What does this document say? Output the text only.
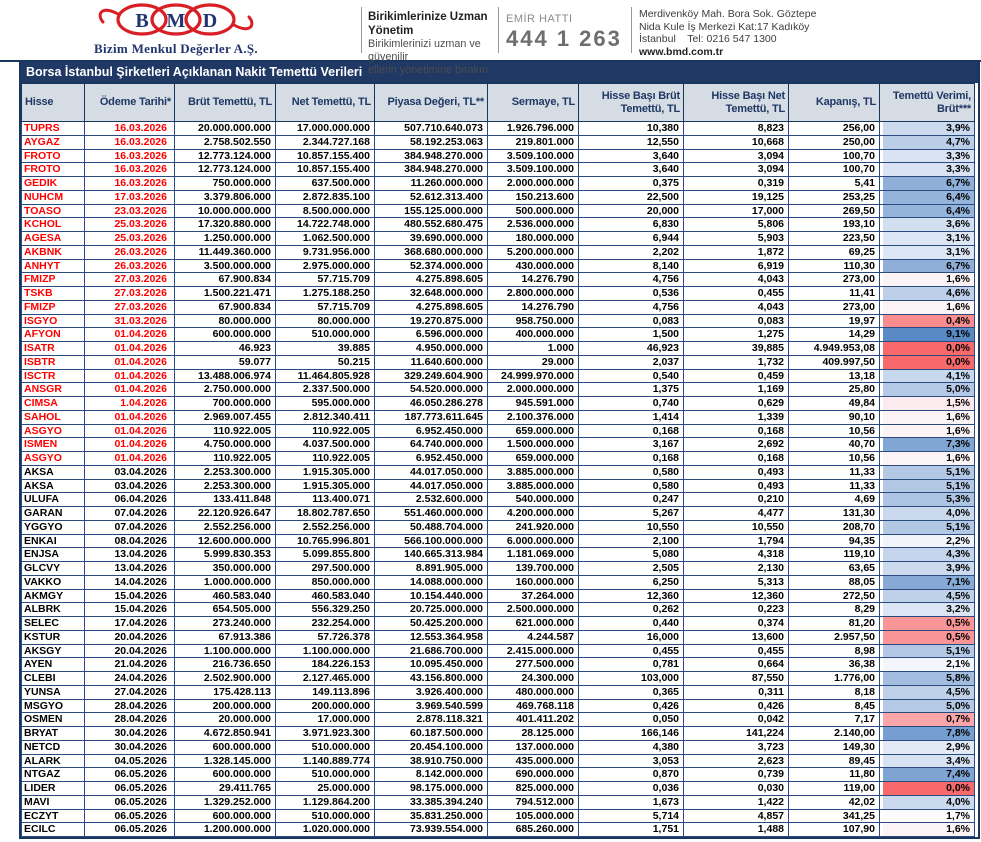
B M D
Bizim Menkul Değerler A.Ş.
Birikimlerinize Uzman Yönetim
Birikimlerinizi uzman ve güvenilir
ellerin yönetimine bırakın
EMİR HATTI
444 1 263
Merdivenköy Mah. Bora Sok. Göztepe
Nida Kule İş Merkezi Kat:17 Kadıköy
İstanbul    Tel: 0216 547 1300
www.bmd.com.tr
Borsa İstanbul Şirketleri Açıklanan Nakit Temettü Verileri
Hisse	Ödeme Tarihi*	Brüt Temettü, TL	Net Temettü, TL	Piyasa Değeri, TL**	Sermaye, TL	Hisse Başı Brüt Temettü, TL	Hisse Başı Net Temettü, TL	Kapanış, TL	Temettü Verimi, Brüt***
TUPRS	16.03.2026	20.000.000.000	17.000.000.000	507.710.640.073	1.926.796.000	10,380	8,823	256,00	3,9%
AYGAZ	16.03.2026	2.758.502.550	2.344.727.168	58.192.253.063	219.801.000	12,550	10,668	250,00	4,7%
FROTO	16.03.2026	12.773.124.000	10.857.155.400	384.948.270.000	3.509.100.000	3,640	3,094	100,70	3,3%
FROTO	16.03.2026	12.773.124.000	10.857.155.400	384.948.270.000	3.509.100.000	3,640	3,094	100,70	3,3%
GEDIK	16.03.2026	750.000.000	637.500.000	11.260.000.000	2.000.000.000	0,375	0,319	5,41	6,7%
NUHCM	17.03.2026	3.379.806.000	2.872.835.100	52.612.313.400	150.213.600	22,500	19,125	253,25	6,4%
TOASO	23.03.2026	10.000.000.000	8.500.000.000	155.125.000.000	500.000.000	20,000	17,000	269,50	6,4%
KCHOL	25.03.2026	17.320.880.000	14.722.748.000	480.552.680.475	2.536.000.000	6,830	5,806	193,10	3,6%
AGESA	25.03.2026	1.250.000.000	1.062.500.000	39.690.000.000	180.000.000	6,944	5,903	223,50	3,1%
AKBNK	26.03.2026	11.449.360.000	9.731.956.000	368.680.000.000	5.200.000.000	2,202	1,872	69,25	3,1%
ANHYT	26.03.2026	3.500.000.000	2.975.000.000	52.374.000.000	430.000.000	8,140	6,919	110,30	6,7%
FMIZP	27.03.2026	67.900.834	57.715.709	4.275.898.605	14.276.790	4,756	4,043	273,00	1,6%
TSKB	27.03.2026	1.500.221.471	1.275.188.250	32.648.000.000	2.800.000.000	0,536	0,455	11,41	4,6%
FMIZP	27.03.2026	67.900.834	57.715.709	4.275.898.605	14.276.790	4,756	4,043	273,00	1,6%
ISGYO	31.03.2026	80.000.000	80.000.000	19.270.875.000	958.750.000	0,083	0,083	19,97	0,4%
AFYON	01.04.2026	600.000.000	510.000.000	6.596.000.000	400.000.000	1,500	1,275	14,29	9,1%
ISATR	01.04.2026	46.923	39.885	4.950.000.000	1.000	46,923	39,885	4.949.953,08	0,0%
ISBTR	01.04.2026	59.077	50.215	11.640.600.000	29.000	2,037	1,732	409.997,50	0,0%
ISCTR	01.04.2026	13.488.006.974	11.464.805.928	329.249.604.900	24.999.970.000	0,540	0,459	13,18	4,1%
ANSGR	01.04.2026	2.750.000.000	2.337.500.000	54.520.000.000	2.000.000.000	1,375	1,169	25,80	5,0%
CIMSA	1.04.2026	700.000.000	595.000.000	46.050.286.278	945.591.000	0,740	0,629	49,84	1,5%
SAHOL	01.04.2026	2.969.007.455	2.812.340.411	187.773.611.645	2.100.376.000	1,414	1,339	90,10	1,6%
ASGYO	01.04.2026	110.922.005	110.922.005	6.952.450.000	659.000.000	0,168	0,168	10,56	1,6%
ISMEN	01.04.2026	4.750.000.000	4.037.500.000	64.740.000.000	1.500.000.000	3,167	2,692	40,70	7,3%
ASGYO	01.04.2026	110.922.005	110.922.005	6.952.450.000	659.000.000	0,168	0,168	10,56	1,6%
AKSA	03.04.2026	2.253.300.000	1.915.305.000	44.017.050.000	3.885.000.000	0,580	0,493	11,33	5,1%
AKSA	03.04.2026	2.253.300.000	1.915.305.000	44.017.050.000	3.885.000.000	0,580	0,493	11,33	5,1%
ULUFA	06.04.2026	133.411.848	113.400.071	2.532.600.000	540.000.000	0,247	0,210	4,69	5,3%
GARAN	07.04.2026	22.120.926.647	18.802.787.650	551.460.000.000	4.200.000.000	5,267	4,477	131,30	4,0%
YGGYO	07.04.2026	2.552.256.000	2.552.256.000	50.488.704.000	241.920.000	10,550	10,550	208,70	5,1%
ENKAI	08.04.2026	12.600.000.000	10.765.996.801	566.100.000.000	6.000.000.000	2,100	1,794	94,35	2,2%
ENJSA	13.04.2026	5.999.830.353	5.099.855.800	140.665.313.984	1.181.069.000	5,080	4,318	119,10	4,3%
GLCVY	13.04.2026	350.000.000	297.500.000	8.891.905.000	139.700.000	2,505	2,130	63,65	3,9%
VAKKO	14.04.2026	1.000.000.000	850.000.000	14.088.000.000	160.000.000	6,250	5,313	88,05	7,1%
AKMGY	15.04.2026	460.583.040	460.583.040	10.154.440.000	37.264.000	12,360	12,360	272,50	4,5%
ALBRK	15.04.2026	654.505.000	556.329.250	20.725.000.000	2.500.000.000	0,262	0,223	8,29	3,2%
SELEC	17.04.2026	273.240.000	232.254.000	50.425.200.000	621.000.000	0,440	0,374	81,20	0,5%
KSTUR	20.04.2026	67.913.386	57.726.378	12.553.364.958	4.244.587	16,000	13,600	2.957,50	0,5%
AKSGY	20.04.2026	1.100.000.000	1.100.000.000	21.686.700.000	2.415.000.000	0,455	0,455	8,98	5,1%
AYEN	21.04.2026	216.736.650	184.226.153	10.095.450.000	277.500.000	0,781	0,664	36,38	2,1%
CLEBI	24.04.2026	2.502.900.000	2.127.465.000	43.156.800.000	24.300.000	103,000	87,550	1.776,00	5,8%
YUNSA	27.04.2026	175.428.113	149.113.896	3.926.400.000	480.000.000	0,365	0,311	8,18	4,5%
MSGYO	28.04.2026	200.000.000	200.000.000	3.969.540.599	469.768.118	0,426	0,426	8,45	5,0%
OSMEN	28.04.2026	20.000.000	17.000.000	2.878.118.321	401.411.202	0,050	0,042	7,17	0,7%
BRYAT	30.04.2026	4.672.850.941	3.971.923.300	60.187.500.000	28.125.000	166,146	141,224	2.140,00	7,8%
NETCD	30.04.2026	600.000.000	510.000.000	20.454.100.000	137.000.000	4,380	3,723	149,30	2,9%
ALARK	04.05.2026	1.328.145.000	1.140.889.774	38.910.750.000	435.000.000	3,053	2,623	89,45	3,4%
NTGAZ	06.05.2026	600.000.000	510.000.000	8.142.000.000	690.000.000	0,870	0,739	11,80	7,4%
LIDER	06.05.2026	29.411.765	25.000.000	98.175.000.000	825.000.000	0,036	0,030	119,00	0,0%
MAVI	06.05.2026	1.329.252.000	1.129.864.200	33.385.394.240	794.512.000	1,673	1,422	42,02	4,0%
ECZYT	06.05.2026	600.000.000	510.000.000	35.831.250.000	105.000.000	5,714	4,857	341,25	1,7%
ECILC	06.05.2026	1.200.000.000	1.020.000.000	73.939.554.000	685.260.000	1,751	1,488	107,90	1,6%
